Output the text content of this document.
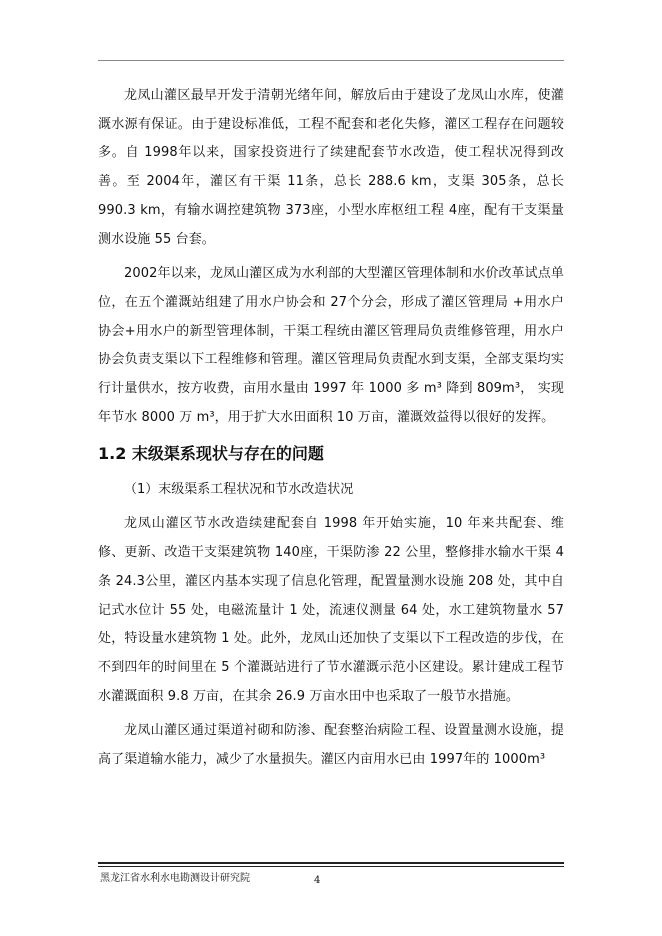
龙凤山灌区最早开发于清朝光绪年间，解放后由于建设了龙凤山水库，使灌溉水源有保证。由于建设标准低，工程不配套和老化失修，灌区工程存在问题较多。自 1998年以来，国家投资进行了续建配套节水改造，使工程状况得到改善。至 2004年，灌区有干渠 11条，总长 288.6 km，支渠 305条，总长 990.3 km，有输水调控建筑物 373座，小型水库枢纽工程 4座，配有干支渠量测水设施 55 台套。

2002年以来，龙凤山灌区成为水利部的大型灌区管理体制和水价改革试点单位，在五个灌溉站组建了用水户协会和 27个分会，形成了灌区管理局 +用水户协会+用水户的新型管理体制，干渠工程统由灌区管理局负责维修管理，用水户协会负责支渠以下工程维修和管理。灌区管理局负责配水到支渠，全部支渠均实行计量供水，按方收费，亩用水量由 1997 年 1000 多 m³ 降到 809m³， 实现年节水 8000 万 m³，用于扩大水田面积 10 万亩，灌溉效益得以很好的发挥。

1.2 末级渠系现状与存在的问题
（1）末级渠系工程状况和节水改造状况

龙凤山灌区节水改造续建配套自 1998 年开始实施，10 年来共配套、维修、更新、改造干支渠建筑物 140座，干渠防渗 22 公里，整修排水输水干渠 4 条 24.3公里，灌区内基本实现了信息化管理，配置量测水设施 208 处，其中自记式水位计 55 处，电磁流量计 1 处，流速仪测量 64 处，水工建筑物量水 57 处，特设量水建筑物 1 处。此外，龙凤山还加快了支渠以下工程改造的步伐，在不到四年的时间里在 5 个灌溉站进行了节水灌溉示范小区建设。累计建成工程节水灌溉面积 9.8 万亩，在其余 26.9 万亩水田中也采取了一般节水措施。

龙凤山灌区通过渠道衬砌和防渗、配套整治病险工程、设置量测水设施，提高了渠道输水能力，减少了水量损失。灌区内亩用水已由 1997年的 1000m³

黑龙江省水利水电勘测设计研究院	4
